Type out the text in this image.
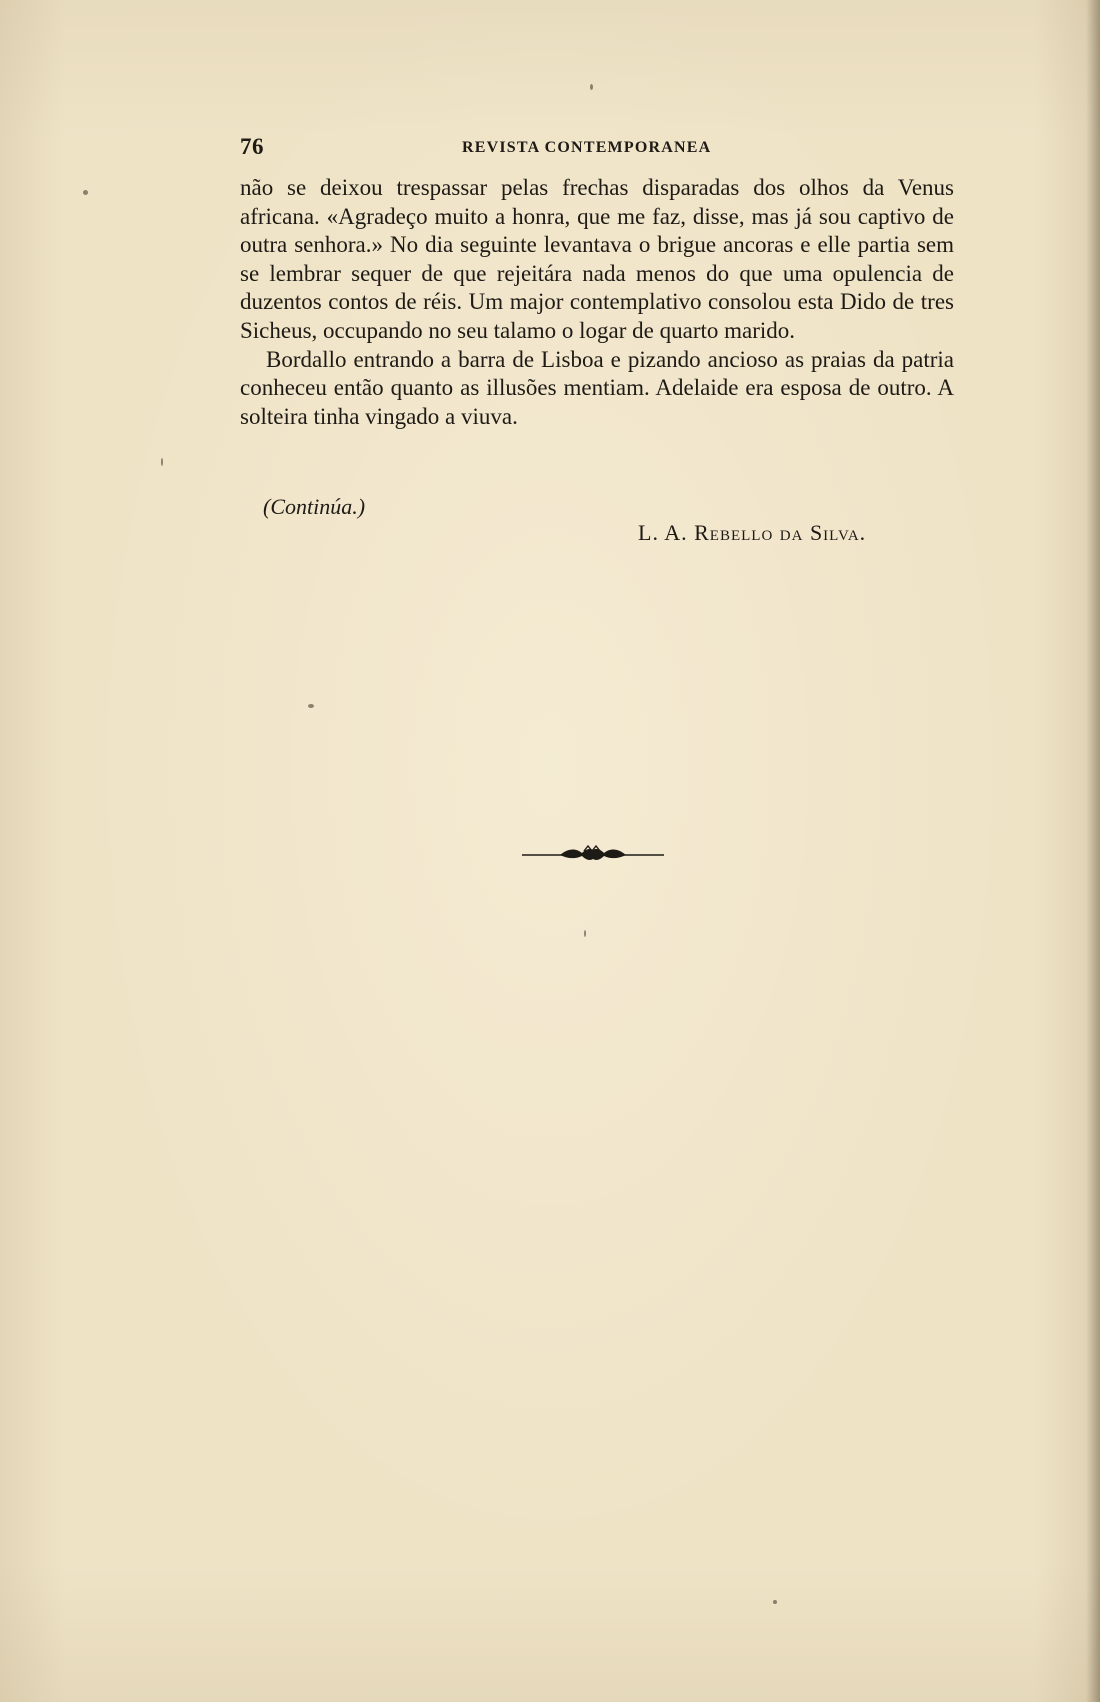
76	REVISTA CONTEMPORANEA

não se deixou trespassar pelas frechas disparadas dos olhos da Venus africana. «Agradeço muito a honra, que me faz, disse, mas já sou captivo de outra senhora.» No dia seguinte levantava o brigue ancoras e elle partia sem se lembrar sequer de que rejeitára nada menos do que uma opulencia de duzentos contos de réis. Um major contemplativo consolou esta Dido de tres Sicheus, occupando no seu talamo o logar de quarto marido.

Bordallo entrando a barra de Lisboa e pizando ancioso as praias da patria conheceu então quanto as illusões mentiam. Adelaide era esposa de outro. A solteira tinha vingado a viuva.

(Continúa.)
L. A. Rebello da Silva.
